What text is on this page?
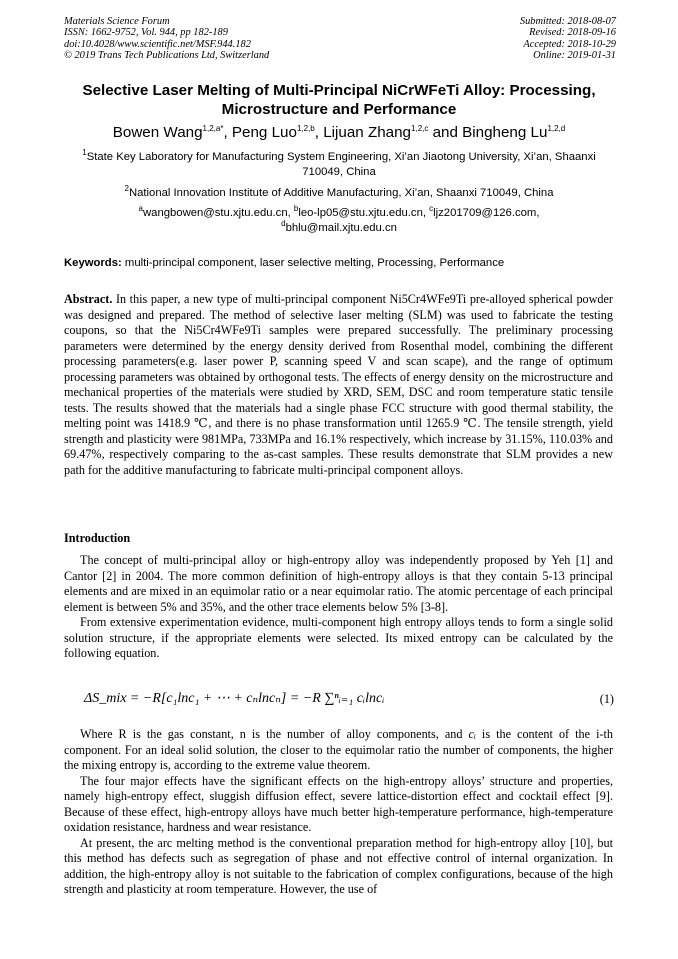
Materials Science Forum
ISSN: 1662-9752, Vol. 944, pp 182-189
doi:10.4028/www.scientific.net/MSF.944.182
© 2019 Trans Tech Publications Ltd, Switzerland
Submitted: 2018-08-07
Revised: 2018-09-16
Accepted: 2018-10-29
Online: 2019-01-31
Selective Laser Melting of Multi-Principal NiCrWFeTi Alloy: Processing, Microstructure and Performance
Bowen Wang$^{1,2,a*}$, Peng Luo$^{1,2,b}$, Lijuan Zhang$^{1,2,c}$ and Bingheng Lu$^{1,2,d}$
$^1$State Key Laboratory for Manufacturing System Engineering, Xi’an Jiaotong University, Xi’an, Shaanxi 710049, China
$^2$National Innovation Institute of Additive Manufacturing, Xi’an, Shaanxi 710049, China
$^a$wangbowen@stu.xjtu.edu.cn, $^b$leo-lp05@stu.xjtu.edu.cn, $^c$ljz201709@126.com,
$^d$bhlu@mail.xjtu.edu.cn
Keywords: multi-principal component, laser selective melting, Processing, Performance
Abstract. In this paper, a new type of multi-principal component Ni5Cr4WFe9Ti pre-alloyed spherical powder was designed and prepared. The method of selective laser melting (SLM) was used to fabricate the testing coupons, so that the Ni5Cr4WFe9Ti samples were prepared successfully. The preliminary processing parameters were determined by the energy density derived from Rosenthal model, combining the different processing parameters(e.g. laser power P, scanning speed V and scan scape), and the range of optimum processing parameters was obtained by orthogonal tests. The effects of energy density on the microstructure and mechanical properties of the materials were studied by XRD, SEM, DSC and room temperature static tensile tests. The results showed that the materials had a single phase FCC structure with good thermal stability, the melting point was 1418.9 ℃, and there is no phase transformation until 1265.9 ℃. The tensile strength, yield strength and plasticity were 981MPa, 733MPa and 16.1% respectively, which increase by 31.15%, 110.03% and 69.47%, respectively comparing to the as-cast samples. These results demonstrate that SLM provides a new path for the additive manufacturing to fabricate multi-principal component alloys.
Introduction

The concept of multi-principal alloy or high-entropy alloy was independently proposed by Yeh [1] and Cantor [2] in 2004. The more common definition of high-entropy alloys is that they contain 5-13 principal elements and are mixed in an equimolar ratio or a near equimolar ratio. The atomic percentage of each principal element is between 5% and 35%, and the other trace elements below 5% [3-8].

From extensive experimentation evidence, multi-component high entropy alloys tends to form a single solid solution structure, if the appropriate elements were selected. Its mixed entropy can be calculated by the following equation.

ΔS_mix = −R[c₁lnc₁ + ⋯ + cₙlncₙ] = −R ∑ⁿᵢ₌₁ cᵢlncᵢ	(1)

Where R is the gas constant, n is the number of alloy components, and cᵢ is the content of the i-th component. For an ideal solid solution, the closer to the equimolar ratio the number of components, the higher the mixing entropy is, according to the extreme value theorem.

The four major effects have the significant effects on the high-entropy alloys’ structure and properties, namely high-entropy effect, sluggish diffusion effect, severe lattice-distortion effect and cocktail effect [9]. Because of these effect, high-entropy alloys have much better high-temperature performance, high-temperature oxidation resistance, hardness and wear resistance.

At present, the arc melting method is the conventional preparation method for high-entropy alloy [10], but this method has defects such as segregation of phase and not effective control of internal organization. In addition, the high-entropy alloy is not suitable to the fabrication of complex configurations, because of the high strength and plasticity at room temperature. However, the use of
